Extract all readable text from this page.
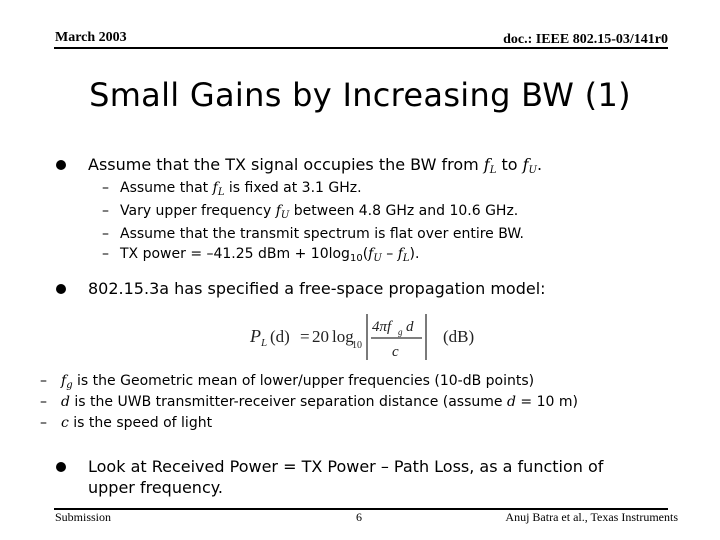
March 2003	doc.: IEEE 802.15-03/141r0
Small Gains by Increasing BW (1)
Assume that the TX signal occupies the BW from $f_L$ to $f_U$.
– Assume that $f_L$ is fixed at 3.1 GHz.
– Vary upper frequency $f_U$ between 4.8 GHz and 10.6 GHz.
– Assume that the transmit spectrum is flat over entire BW.
– TX power = –41.25 dBm + $10\log_{10}(f_U - f_L)$.
802.15.3a has specified a free-space propagation model:
P L (d) = 20 log
10
4πf g d
c
(dB)
– $f_g$ is the Geometric mean of lower/upper frequencies (10-dB points)
– d is the UWB transmitter-receiver separation distance (assume d = 10 m)
– c is the speed of light
Look at Received Power = TX Power – Path Loss, as a function of
upper frequency.
Submission	6	Anuj Batra et al., Texas Instruments
